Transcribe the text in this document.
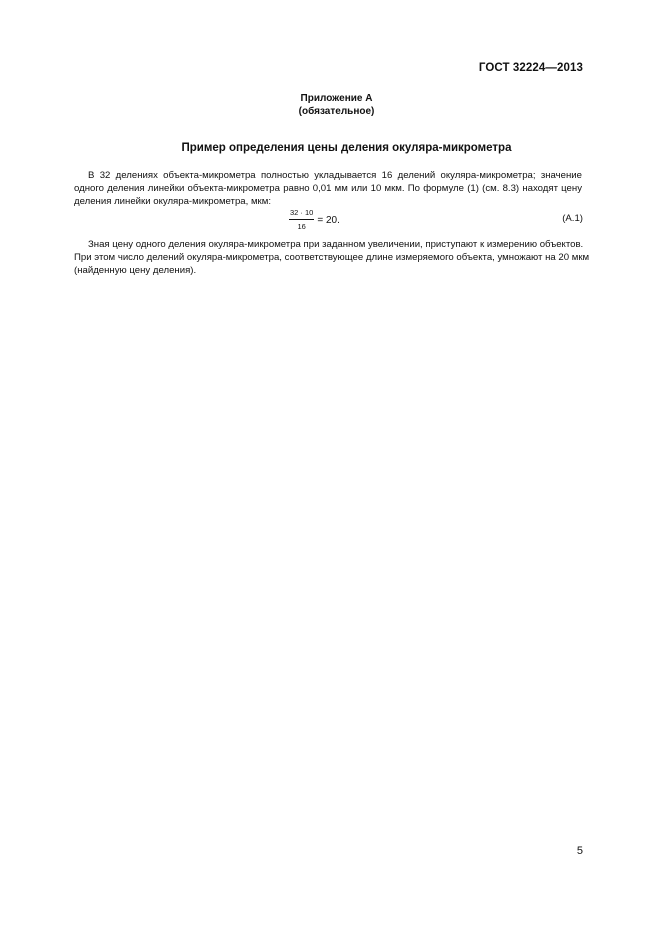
ГОСТ 32224—2013
Приложение А
(обязательное)
Пример определения цены деления окуляра-микрометра
В 32 делениях объекта-микрометра полностью укладывается 16 делений окуляра-микрометра; значение
одного деления линейки объекта-микрометра равно 0,01 мм или 10 мкм. По формуле (1) (см. 8.3) находят цену
деления линейки окуляра-микрометра, мкм:
$\frac{32 \cdot 10}{16} = 20$.	(А.1)
Зная цену одного деления окуляра-микрометра при заданном увеличении, приступают к измерению объектов.
При этом число делений окуляра-микрометра, соответствующее длине измеряемого объекта, умножают на 20 мкм
(найденную цену деления).
5
